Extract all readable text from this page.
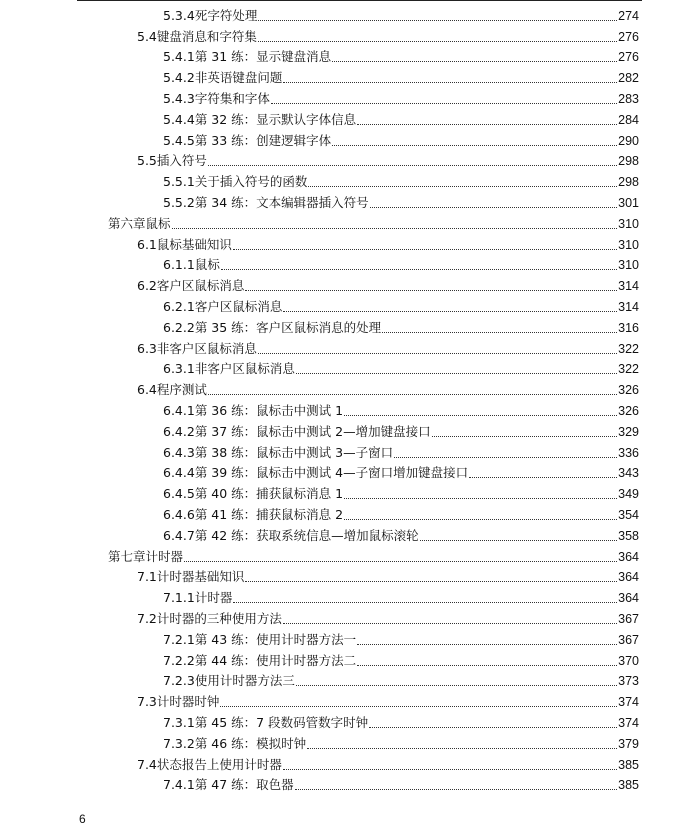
5.3.4 死字符处理	274
5.4 键盘消息和字符集	276
5.4.1 第 31 练：显示键盘消息	276
5.4.2 非英语键盘问题	282
5.4.3 字符集和字体	283
5.4.4 第 32 练：显示默认字体信息	284
5.4.5 第 33 练：创建逻辑字体	290
5.5 插入符号	298
5.5.1 关于插入符号的函数	298
5.5.2 第 34 练：文本编辑器插入符号	301
第六章 鼠标	310
6.1 鼠标基础知识	310
6.1.1 鼠标	310
6.2 客户区鼠标消息	314
6.2.1 客户区鼠标消息	314
6.2.2 第 35 练：客户区鼠标消息的处理	316
6.3 非客户区鼠标消息	322
6.3.1 非客户区鼠标消息	322
6.4 程序测试	326
6.4.1 第 36 练：鼠标击中测试 1	326
6.4.2 第 37 练：鼠标击中测试 2—增加键盘接口	329
6.4.3 第 38 练：鼠标击中测试 3—子窗口	336
6.4.4 第 39 练：鼠标击中测试 4—子窗口增加键盘接口	343
6.4.5 第 40 练：捕获鼠标消息 1	349
6.4.6 第 41 练：捕获鼠标消息 2	354
6.4.7 第 42 练：获取系统信息—增加鼠标滚轮	358
第七章 计时器	364
7.1 计时器基础知识	364
7.1.1 计时器	364
7.2 计时器的三种使用方法	367
7.2.1 第 43 练：使用计时器方法一	367
7.2.2 第 44 练：使用计时器方法二	370
7.2.3 使用计时器方法三	373
7.3 计时器时钟	374
7.3.1 第 45 练：7 段数码管数字时钟	374
7.3.2 第 46 练：模拟时钟	379
7.4 状态报告上使用计时器	385
7.4.1 第 47 练：取色器	385
6
